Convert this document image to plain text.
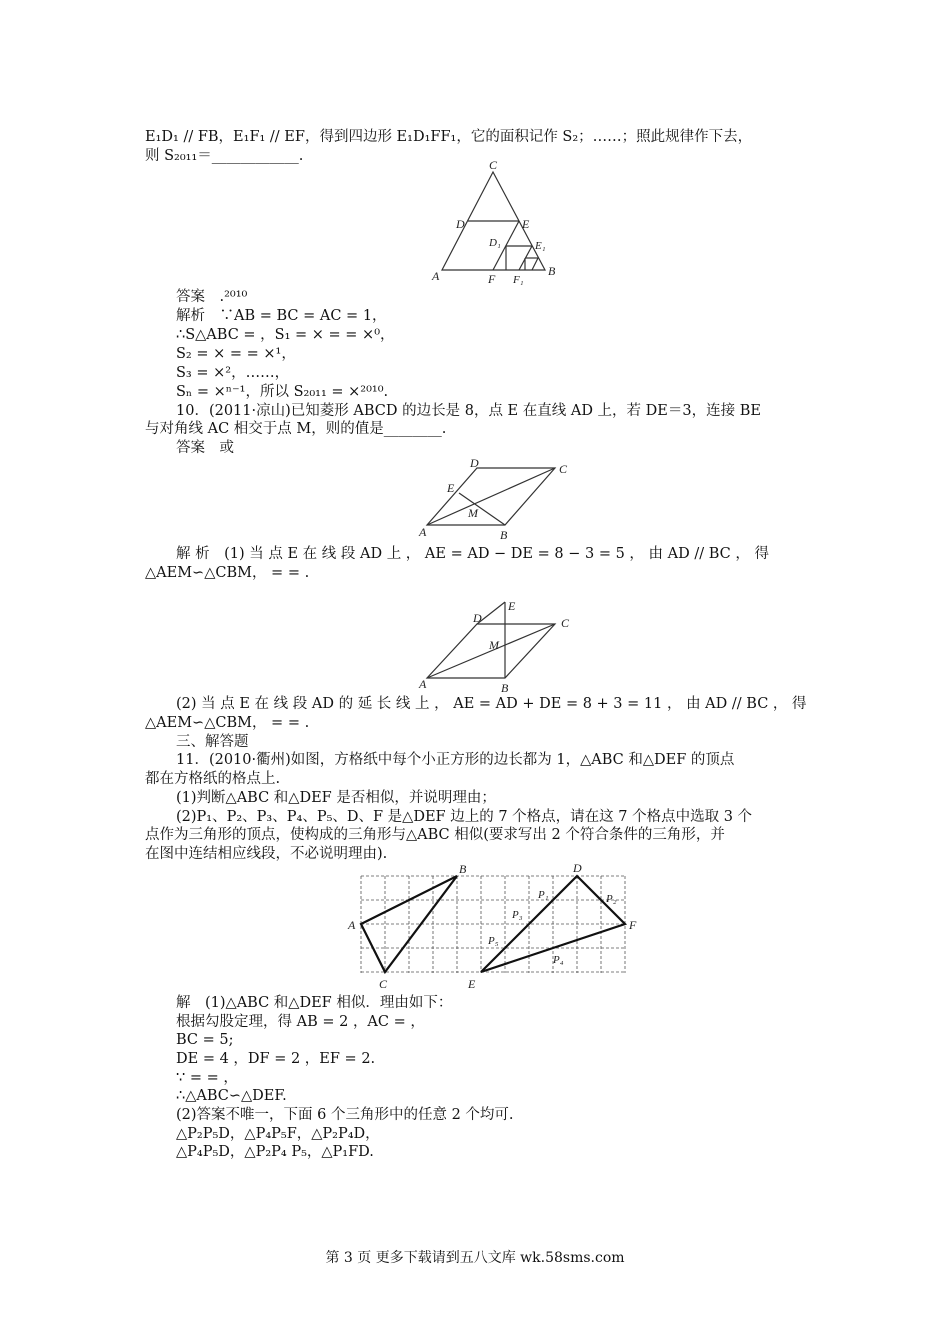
E₁D₁ // FB，E₁F₁ // EF，得到四边形 E₁D₁FF₁，它的面积记作 S₂；……；照此规律作下去，
则 S₂₀₁₁＝____________.
A	B
C
D	E
F
D₁	E₁
F₁
答案　.²⁰¹⁰
解析　∵AB = BC = AC = 1，
∴S△ABC = ，S₁ = × = = ×⁰，
S₂ = × = = ×¹，
S₃ = ×²，……，
Sₙ = ×ⁿ⁻¹，所以 S₂₀₁₁ = ×²⁰¹⁰.
10．(2011·凉山)已知菱形 ABCD 的边长是 8，点 E 在直线 AD 上，若 DE＝3，连接 BE
与对角线 AC 相交于点 M，则的值是________.
答案　或
A	B
C
D
E
M
解 析　(1) 当 点 E 在 线 段 AD 上 ， AE = AD − DE = 8 − 3 = 5 ， 由 AD // BC ， 得
△AEM∽△CBM， = = .
A	B
C
D
E
M
(2) 当 点 E 在 线 段 AD 的 延 长 线 上 ， AE = AD + DE = 8 + 3 = 11 ， 由 AD // BC ， 得
△AEM∽△CBM， = = .
三、解答题
11．(2010·衢州)如图，方格纸中每个小正方形的边长都为 1，△ABC 和△DEF 的顶点
都在方格纸的格点上.
(1)判断△ABC 和△DEF 是否相似，并说明理由；
(2)P₁、P₂、P₃、P₄、P₅、D、F 是△DEF 边上的 7 个格点，请在这 7 个格点中选取 3 个
点作为三角形的顶点，使构成的三角形与△ABC 相似(要求写出 2 个符合条件的三角形，并
在图中连结相应线段，不必说明理由).
A
B
C
D
E
F
P₁	P₂
P₃
P₄
P₅
解　(1)△ABC 和△DEF 相似．理由如下：
根据勾股定理，得 AB = 2 ，AC = ，
BC = 5;
DE = 4 ，DF = 2 ，EF = 2.
∵ = = ，
∴△ABC∽△DEF.
(2)答案不唯一，下面 6 个三角形中的任意 2 个均可.
△P₂P₅D，△P₄P₅F，△P₂P₄D，
△P₄P₅D，△P₂P₄ P₅，△P₁FD.
第 3 页 更多下载请到五八文库 wk.58sms.com
